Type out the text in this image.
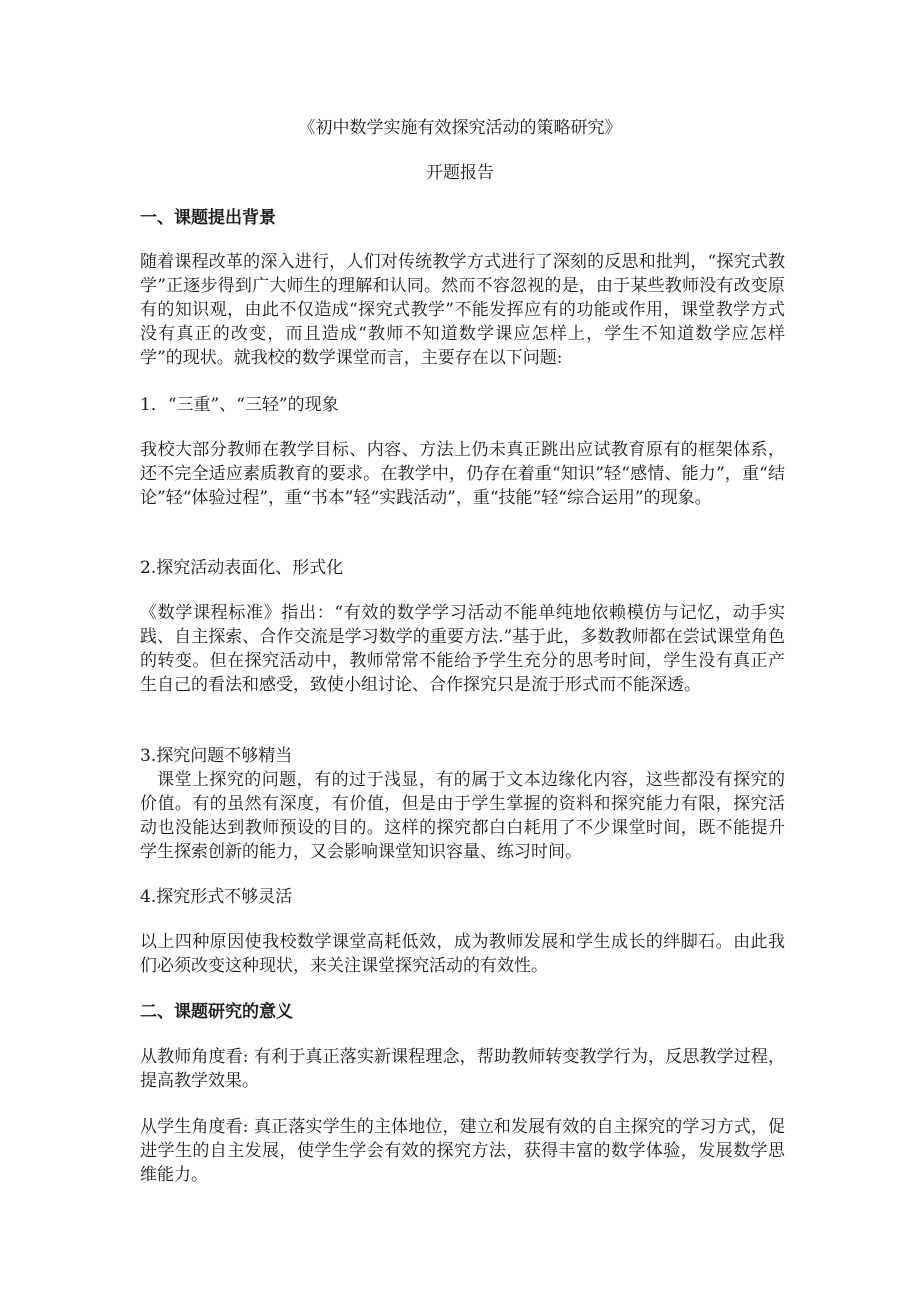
《初中数学实施有效探究活动的策略研究》

开题报告

一、课题提出背景

随着课程改革的深入进行，人们对传统教学方式进行了深刻的反思和批判，“探究式教学”正逐步得到广大师生的理解和认同。然而不容忽视的是，由于某些教师没有改变原有的知识观，由此不仅造成“探究式教学”不能发挥应有的功能或作用，课堂教学方式没有真正的改变，而且造成“教师不知道数学课应怎样上，学生不知道数学应怎样学”的现状。就我校的数学课堂而言，主要存在以下问题:

1．“三重”、“三轻”的现象

我校大部分教师在教学目标、内容、方法上仍未真正跳出应试教育原有的框架体系，还不完全适应素质教育的要求。在教学中，仍存在着重“知识”轻“感情、能力”，重“结论”轻“体验过程”，重“书本”轻“实践活动”，重“技能”轻“综合运用”的现象。

2.探究活动表面化、形式化

《数学课程标准》指出：“有效的数学学习活动不能单纯地依赖模仿与记忆，动手实践、自主探索、合作交流是学习数学的重要方法.”基于此，多数教师都在尝试课堂角色的转变。但在探究活动中，教师常常不能给予学生充分的思考时间，学生没有真正产生自己的看法和感受，致使小组讨论、合作探究只是流于形式而不能深透。

3.探究问题不够精当

课堂上探究的问题，有的过于浅显，有的属于文本边缘化内容，这些都没有探究的价值。有的虽然有深度，有价值，但是由于学生掌握的资料和探究能力有限，探究活动也没能达到教师预设的目的。这样的探究都白白耗用了不少课堂时间，既不能提升学生探索创新的能力，又会影响课堂知识容量、练习时间。

4.探究形式不够灵活

以上四种原因使我校数学课堂高耗低效，成为教师发展和学生成长的绊脚石。由此我们必须改变这种现状，来关注课堂探究活动的有效性。

二、课题研究的意义

从教师角度看: 有利于真正落实新课程理念，帮助教师转变教学行为，反思教学过程，提高教学效果。

从学生角度看: 真正落实学生的主体地位，建立和发展有效的自主探究的学习方式，促进学生的自主发展，使学生学会有效的探究方法，获得丰富的数学体验，发展数学思维能力。
